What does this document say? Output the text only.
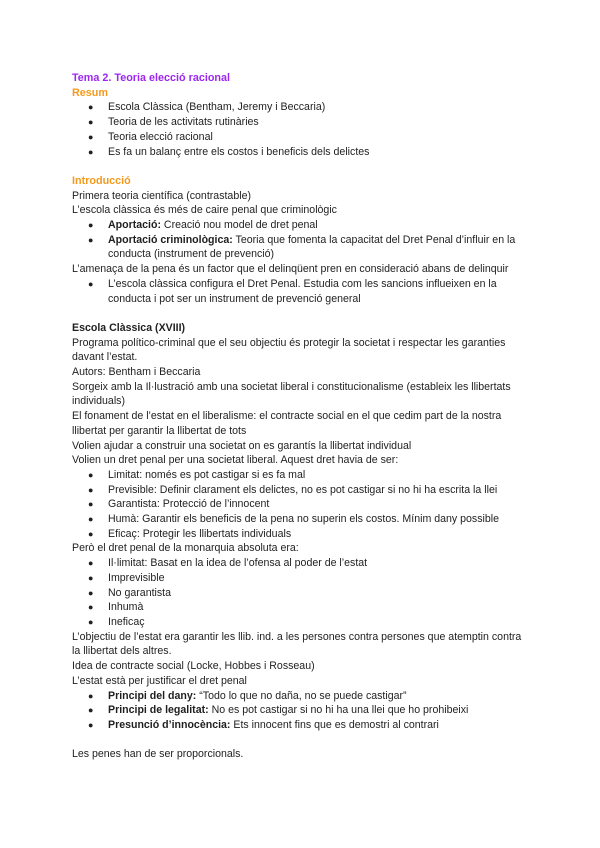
Tema 2. Teoria elecció racional
Resum
● Escola Clàssica (Bentham, Jeremy i Beccaria)
● Teoria de les activitats rutinàries
● Teoria elecció racional
● Es fa un balanç entre els costos i beneficis dels delictes
Introducció

Primera teoria científica (contrastable)

L’escola clàssica és més de caire penal que criminològic

● Aportació: Creació nou model de dret penal
● Aportació criminològica: Teoria que fomenta la capacitat del Dret Penal d’influir en la conducta (instrument de prevenció)

L’amenaça de la pena és un factor que el delinqüent pren en consideració abans de delinquir

● L’escola clàssica configura el Dret Penal. Estudia com les sancions influeixen en la conducta i pot ser un instrument de prevenció general
Escola Clàssica (XVIII)

Programa político-criminal que el seu objectiu és protegir la societat i respectar les garanties davant l’estat.

Autors: Bentham i Beccaria

Sorgeix amb la Il·lustració amb una societat liberal i constitucionalisme (estableix les llibertats individuals)

El fonament de l’estat en el liberalisme: el contracte social en el que cedim part de la nostra llibertat per garantir la llibertat de tots

Volien ajudar a construir una societat on es garantís la llibertat individual

Volien un dret penal per una societat liberal. Aquest dret havia de ser:

● Limitat: només es pot castigar si es fa mal
● Previsible: Definir clarament els delictes, no es pot castigar si no hi ha escrita la llei
● Garantista: Protecció de l’innocent
● Humà: Garantir els beneficis de la pena no superin els costos. Mínim dany possible
● Eficaç: Protegir les llibertats individuals

Però el dret penal de la monarquia absoluta era:

● Il·limitat: Basat en la idea de l’ofensa al poder de l’estat
● Imprevisible
● No garantista
● Inhumà
● Ineficaç

L’objectiu de l’estat era garantir les llib. ind. a les persones contra persones que atemptin contra la llibertat dels altres.

Idea de contracte social (Locke, Hobbes i Rosseau)

L’estat està per justificar el dret penal

● Principi del dany: “Todo lo que no daña, no se puede castigar”
● Principi de legalitat: No es pot castigar si no hi ha una llei que ho prohibeixi
● Presunció d’innocència: Ets innocent fins que es demostri al contrari

Les penes han de ser proporcionals.
